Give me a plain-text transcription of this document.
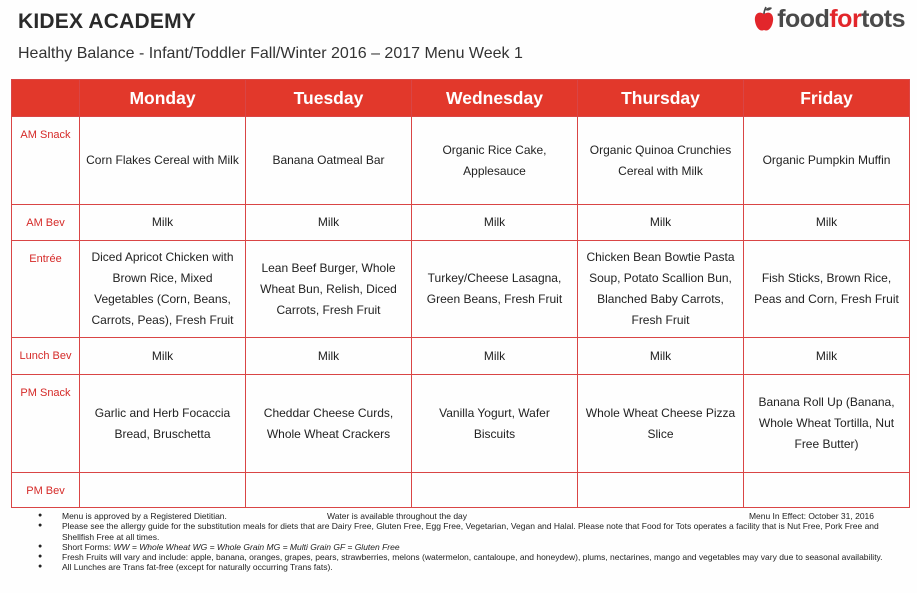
KIDEX ACADEMY
Healthy Balance - Infant/Toddler Fall/Winter 2016 – 2017 Menu Week 1
foodfortots
	Monday	Tuesday	Wednesday	Thursday	Friday
AM Snack	Corn Flakes Cereal with Milk	Banana Oatmeal Bar	Organic Rice Cake, Applesauce	Organic Quinoa Crunchies Cereal with Milk	Organic Pumpkin Muffin
AM Bev	Milk	Milk	Milk	Milk	Milk
Entrée	Diced Apricot Chicken with Brown Rice, Mixed Vegetables (Corn, Beans, Carrots, Peas), Fresh Fruit	Lean Beef Burger, Whole Wheat Bun, Relish, Diced Carrots, Fresh Fruit	Turkey/Cheese Lasagna, Green Beans, Fresh Fruit	Chicken Bean Bowtie Pasta Soup, Potato Scallion Bun, Blanched Baby Carrots, Fresh Fruit	Fish Sticks, Brown Rice, Peas and Corn, Fresh Fruit
Lunch Bev	Milk	Milk	Milk	Milk	Milk
PM Snack	Garlic and Herb Focaccia Bread, Bruschetta	Cheddar Cheese Curds, Whole Wheat Crackers	Vanilla Yogurt, Wafer Biscuits	Whole Wheat Cheese Pizza Slice	Banana Roll Up (Banana, Whole Wheat Tortilla, Nut Free Butter)
PM Bev					
●	Menu is approved by a Registered Dietitian.	Water is available throughout the day	Menu In Effect: October 31, 2016
●	Please see the allergy guide for the substitution meals for diets that are Dairy Free, Gluten Free, Egg Free, Vegetarian, Vegan and Halal. Please note that Food for Tots operates a facility that is Nut Free, Pork Free and Shellfish Free at all times.
●	Short Forms: WW = Whole Wheat WG = Whole Grain MG = Multi Grain GF = Gluten Free
●	Fresh Fruits will vary and include: apple, banana, oranges, grapes, pears, strawberries, melons (watermelon, cantaloupe, and honeydew), plums, nectarines, mango and vegetables may vary due to seasonal availability.
●	All Lunches are Trans fat-free (except for naturally occurring Trans fats).
